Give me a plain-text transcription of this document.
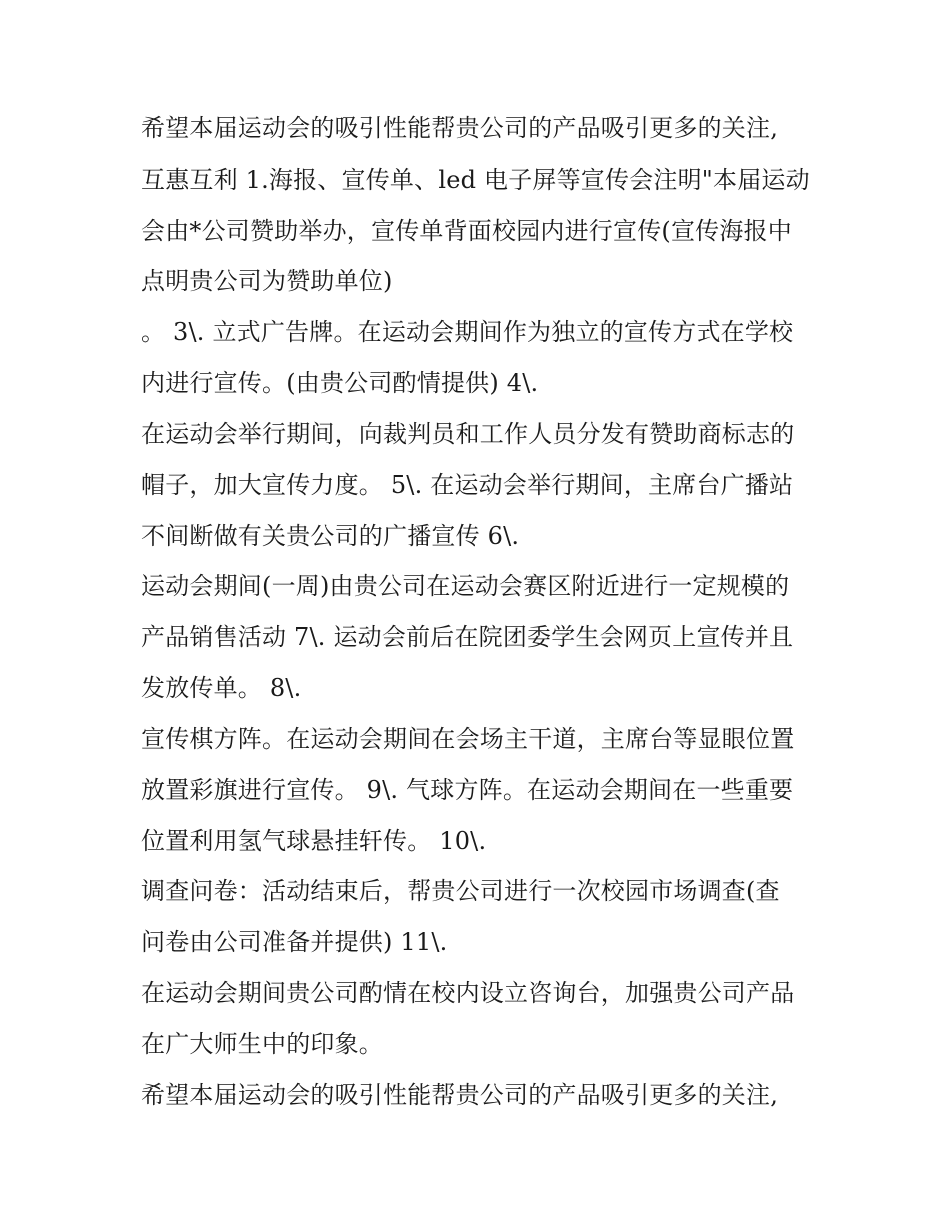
希望本届运动会的吸引性能帮贵公司的产品吸引更多的关注,
互惠互利 1.海报、宣传单、led 电子屏等宣传会注明"本届运动
会由*公司赞助举办，宣传单背面校园内进行宣传(宣传海报中
点明贵公司为赞助单位)
。 3\. 立式广告牌。在运动会期间作为独立的宣传方式在学校
内进行宣传。(由贵公司酌情提供) 4\.
在运动会举行期间，向裁判员和工作人员分发有赞助商标志的
帽子，加大宣传力度。 5\. 在运动会举行期间，主席台广播站
不间断做有关贵公司的广播宣传 6\.
运动会期间(一周)由贵公司在运动会赛区附近进行一定规模的
产品销售活动 7\. 运动会前后在院团委学生会网页上宣传并且
发放传单。 8\.
宣传棋方阵。在运动会期间在会场主干道，主席台等显眼位置
放置彩旗进行宣传。 9\. 气球方阵。在运动会期间在一些重要
位置利用氢气球悬挂轩传。 10\.
调查问卷：活动结束后，帮贵公司进行一次校园市场调查(查
问卷由公司准备并提供) 11\.
在运动会期间贵公司酌情在校内设立咨询台，加强贵公司产品
在广大师生中的印象。
希望本届运动会的吸引性能帮贵公司的产品吸引更多的关注,
